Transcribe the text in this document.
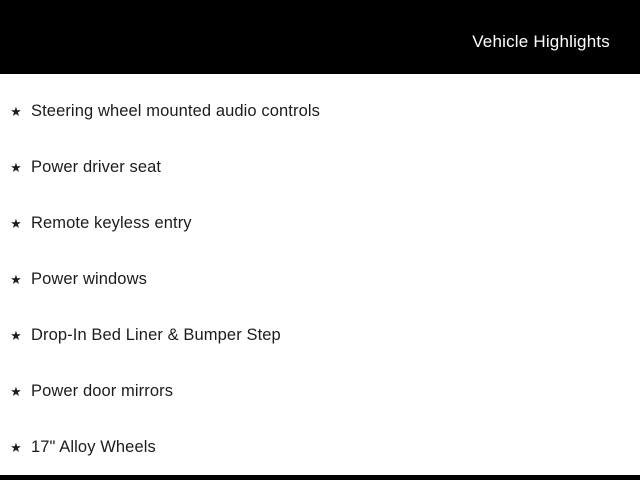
Vehicle Highlights
★ Steering wheel mounted audio controls
★ Power driver seat
★ Remote keyless entry
★ Power windows
★ Drop-In Bed Liner & Bumper Step
★ Power door mirrors
★ 17" Alloy Wheels
